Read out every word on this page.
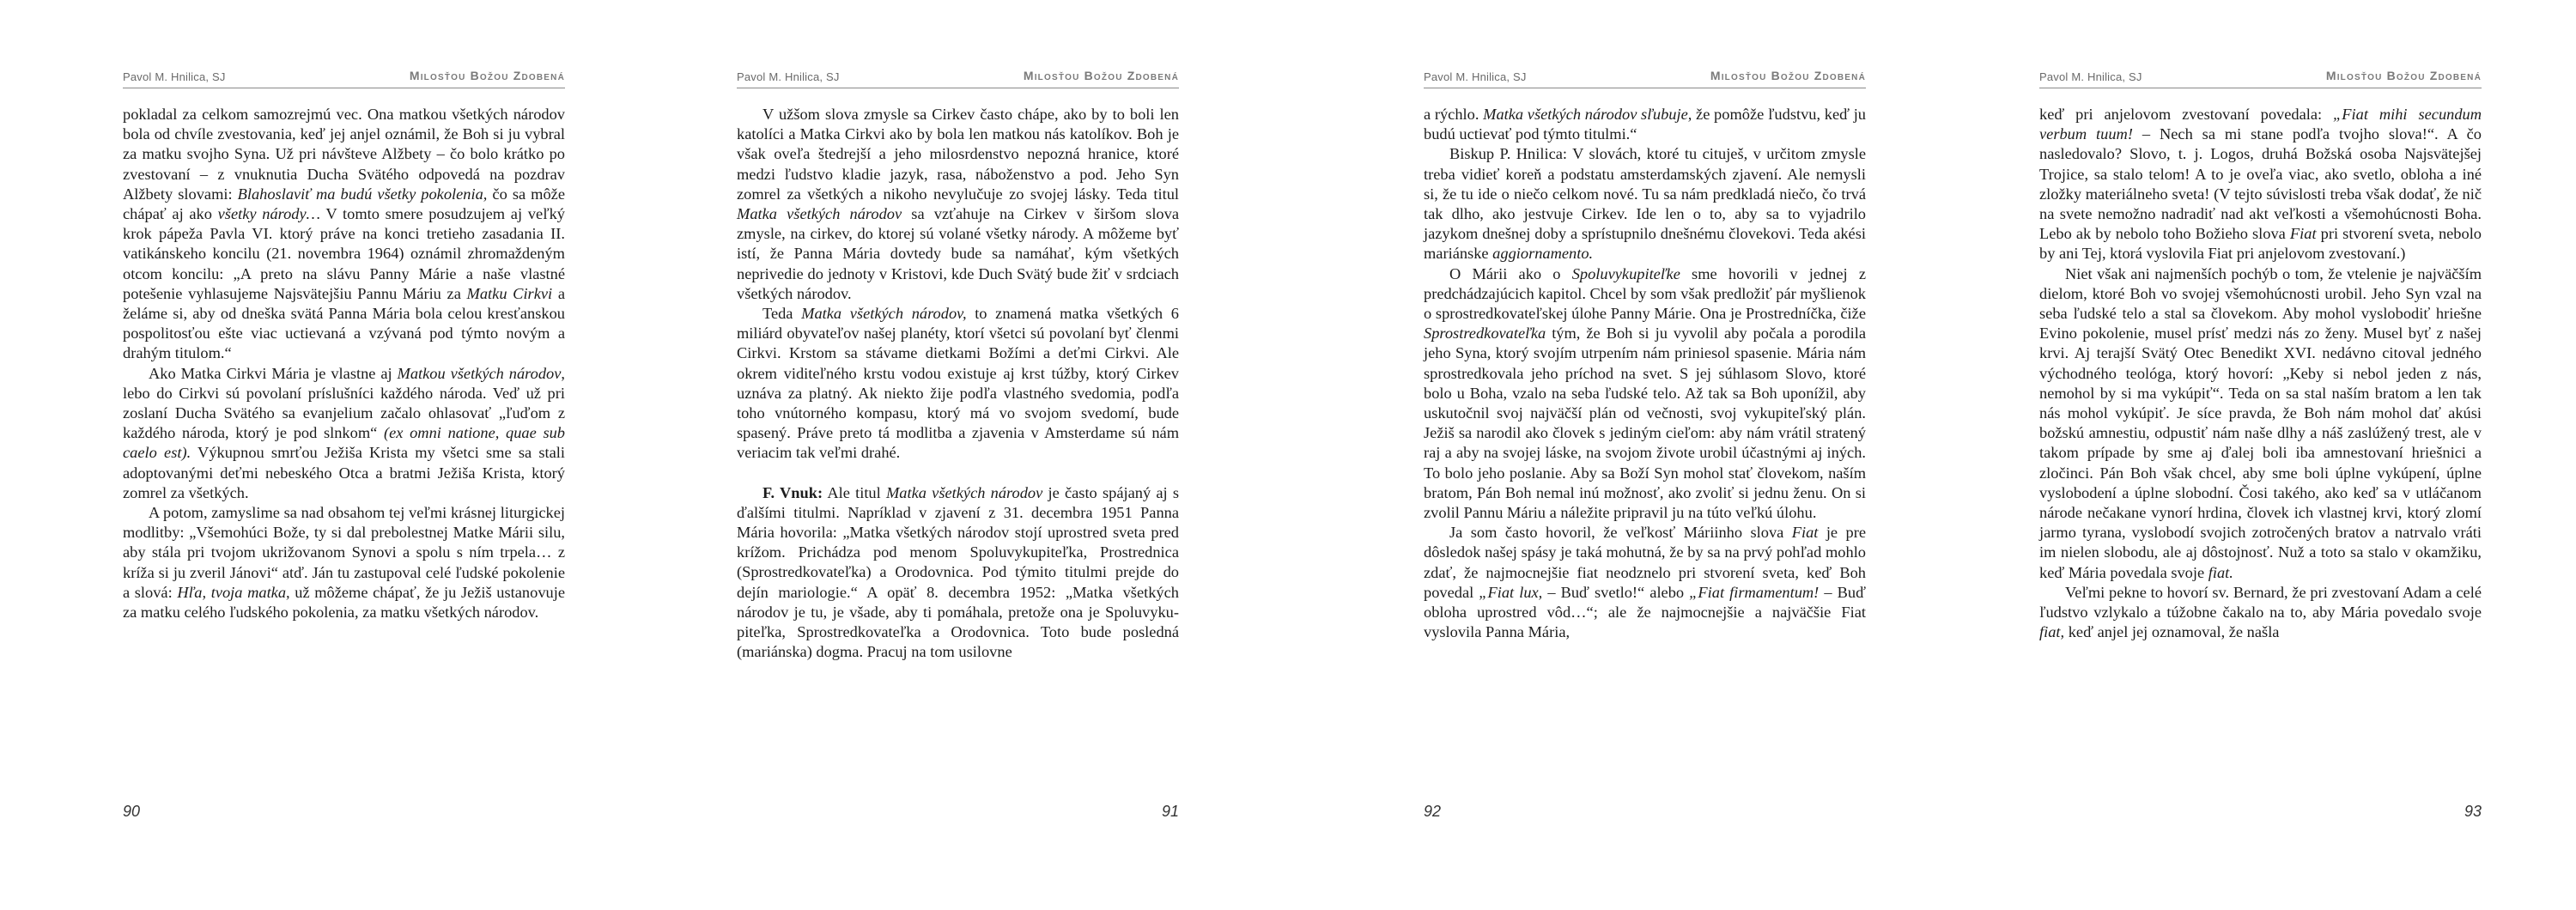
Pavol M. Hnilica, SJ	Milosťou Božou Zdobená

pokladal za celkom samozrejmú vec. Ona matkou všetkých národov bola od chvíle zvestovania, keď jej anjel oznámil, že Boh si ju vybral za matku svojho Syna. Už pri návšteve Alžbety – čo bolo krátko po zvestovaní – z vnuknutia Ducha Svätého odpovedá na pozdrav Alžbety slovami: Blahoslaviť ma budú všetky pokolenia, čo sa môže chápať aj ako všetky národy… V tomto smere posudzujem aj veľký krok pápeža Pavla VI. ktorý práve na konci tretieho zasadania II. vatikánskeho koncilu (21. novembra 1964) oznámil zhromaždeným otcom koncilu: „A preto na slávu Panny Márie a naše vlastné potešenie vyhlasujeme Najsvätejšiu Pannu Máriu za Matku Cirkvi a želáme si, aby od dneška svätá Panna Mária bola celou kresťanskou pospolitosťou ešte viac uctievaná a vzývaná pod týmto novým a drahým titulom.“

Ako Matka Cirkvi Mária je vlastne aj Matkou všetkých národov, lebo do Cirkvi sú povolaní príslušníci každého národa. Veď už pri zoslaní Ducha Svätého sa evanjelium začalo ohlasovať „ľuďom z každého národa, ktorý je pod slnkom“ (ex omni natione, quae sub caelo est). Výkupnou smrťou Ježiša Krista my všetci sme sa stali adoptovanými deťmi nebeského Otca a bratmi Ježiša Krista, ktorý zomrel za všetkých.

A potom, zamyslime sa nad obsahom tej veľmi krásnej liturgickej modlitby: „Všemohúci Bože, ty si dal prebolestnej Matke Márii silu, aby stála pri tvojom ukrižovanom Synovi a spolu s ním trpela… z kríža si ju zveril Jánovi“ atď. Ján tu zastupoval celé ľudské pokolenie a slová: Hľa, tvoja matka, už môžeme chápať, že ju Ježiš ustanovuje za matku celého ľudského pokolenia, za matku všetkých národov.

90
Pavol M. Hnilica, SJ	Milosťou Božou Zdobená

V užšom slova zmysle sa Cirkev často chápe, ako by to boli len katolíci a Matka Cirkvi ako by bola len matkou nás katolíkov. Boh je však oveľa štedrejší a jeho milosrdenstvo nepozná hranice, ktoré medzi ľudstvo kladie jazyk, rasa, náboženstvo a pod. Jeho Syn zomrel za všetkých a nikoho nevylučuje zo svojej lásky. Teda titul Matka všetkých národov sa vzťahuje na Cirkev v širšom slova zmysle, na cirkev, do ktorej sú volané všetky národy. A môžeme byť istí, že Panna Mária dovtedy bude sa namáhať, kým všetkých neprivedie do jednoty v Kristovi, kde Duch Svätý bude žiť v srdciach všetkých národov.

Teda Matka všetkých národov, to znamená matka všetkých 6 miliárd obyvateľov našej planéty, ktorí všetci sú povolaní byť členmi Cirkvi. Krstom sa stávame dietkami Božími a deťmi Cirkvi. Ale okrem viditeľného krstu vodou existuje aj krst túžby, ktorý Cirkev uznáva za platný. Ak niekto žije podľa vlastného svedomia, podľa toho vnútorného kompasu, ktorý má vo svojom svedomí, bude spasený. Práve preto tá modlitba a zjavenia v Amsterdame sú nám veriacim tak veľmi drahé.

F. Vnuk: Ale titul Matka všetkých národov je často spájaný aj s ďalšími titulmi. Napríklad v zjavení z 31. decembra 1951 Panna Mária hovorila: „Matka všetkých národov stojí uprostred sveta pred krížom. Prichádza pod menom Spoluvykupiteľka, Prostrednica (Sprostredkovateľka) a Orodovnica. Pod týmito titulmi prejde do dejín mariologie.“ A opäť 8. decembra 1952: „Matka všetkých národov je tu, je všade, aby ti pomáhala, pretože ona je Spoluvykupiteľka, Sprostredkovateľka a Orodovnica. Toto bude posledná (mariánska) dogma. Pracuj na tom usilovne

91
Pavol M. Hnilica, SJ	Milosťou Božou Zdobená

a rýchlo. Matka všetkých národov sľubuje, že pomôže ľudstvu, keď ju budú uctievať pod týmto titulmi.“

Biskup P. Hnilica: V slovách, ktoré tu cituješ, v určitom zmysle treba vidieť koreň a podstatu amsterdamských zjavení. Ale nemysli si, že tu ide o niečo celkom nové. Tu sa nám predkladá niečo, čo trvá tak dlho, ako jestvuje Cirkev. Ide len o to, aby sa to vyjadrilo jazykom dnešnej doby a sprístupnilo dnešnému človekovi. Teda akési mariánske aggiornamento.

O Márii ako o Spoluvykupiteľke sme hovorili v jednej z predchádzajúcich kapitol. Chcel by som však predložiť pár myšlienok o sprostredkovateľskej úlohe Panny Márie. Ona je Prostredníčka, čiže Sprostredkovateľka tým, že Boh si ju vyvolil aby počala a porodila jeho Syna, ktorý svojím utrpením nám priniesol spasenie. Mária nám sprostredkovala jeho príchod na svet. S jej súhlasom Slovo, ktoré bolo u Boha, vzalo na seba ľudské telo. Až tak sa Boh uponížil, aby uskutočnil svoj najväčší plán od večnosti, svoj vykupiteľský plán. Ježiš sa narodil ako človek s jediným cieľom: aby nám vrátil stratený raj a aby na svojej láske, na svojom živote urobil účastnými aj iných. To bolo jeho poslanie. Aby sa Boží Syn mohol stať človekom, naším bratom, Pán Boh nemal inú možnosť, ako zvoliť si jednu ženu. On si zvolil Pannu Máriu a náležite pripravil ju na túto veľkú úlohu.

Ja som často hovoril, že veľkosť Máriinho slova Fiat je pre dôsledok našej spásy je taká mohutná, že by sa na prvý pohľad mohlo zdať, že najmocnejšie fiat neodznelo pri stvorení sveta, keď Boh povedal „Fiat lux, – Buď svetlo!“ alebo „Fiat firmamentum! – Buď obloha uprostred vôd…“; ale že najmocnejšie a najväčšie Fiat vyslovila Panna Mária,

92
Pavol M. Hnilica, SJ	Milosťou Božou Zdobená

keď pri anjelovom zvestovaní povedala: „Fiat mihi secundum verbum tuum! – Nech sa mi stane podľa tvojho slova!“. A čo nasledovalo? Slovo, t. j. Logos, druhá Božská osoba Najsvätejšej Trojice, sa stalo telom! A to je oveľa viac, ako svetlo, obloha a iné zložky materiálneho sveta! (V tejto súvislosti treba však dodať, že nič na svete nemožno nadradiť nad akt veľkosti a všemohúcnosti Boha. Lebo ak by nebolo toho Božieho slova Fiat pri stvorení sveta, nebolo by ani Tej, ktorá vyslovila Fiat pri anjelovom zvestovaní.)

Niet však ani najmenších pochýb o tom, že vtelenie je najväčším dielom, ktoré Boh vo svojej všemohúcnosti urobil. Jeho Syn vzal na seba ľudské telo a stal sa človekom. Aby mohol vyslobodiť hriešne Evino pokolenie, musel prísť medzi nás zo ženy. Musel byť z našej krvi. Aj terajší Svätý Otec Benedikt XVI. nedávno citoval jedného východného teológa, ktorý hovorí: „Keby si nebol jeden z nás, nemohol by si ma vykúpiť“. Teda on sa stal naším bratom a len tak nás mohol vykúpiť. Je síce pravda, že Boh nám mohol dať akúsi božskú amnestiu, odpustiť nám naše dlhy a náš zaslúžený trest, ale v takom prípade by sme aj ďalej boli iba amnestovaní hriešnici a zločinci. Pán Boh však chcel, aby sme boli úplne vykúpení, úplne vyslobodení a úplne slobodní. Čosi takého, ako keď sa v utláčanom národe nečakane vynorí hrdina, človek ich vlastnej krvi, ktorý zlomí jarmo tyrana, vyslobodí svojich zotročených bratov a natrvalo vráti im nielen slobodu, ale aj dôstojnosť. Nuž a toto sa stalo v okamžiku, keď Mária povedala svoje fiat.

Veľmi pekne to hovorí sv. Bernard, že pri zvestovaní Adam a celé ľudstvo vzlykalo a túžobne čakalo na to, aby Mária povedalo svoje fiat, keď anjel jej oznamoval, že našla

93
